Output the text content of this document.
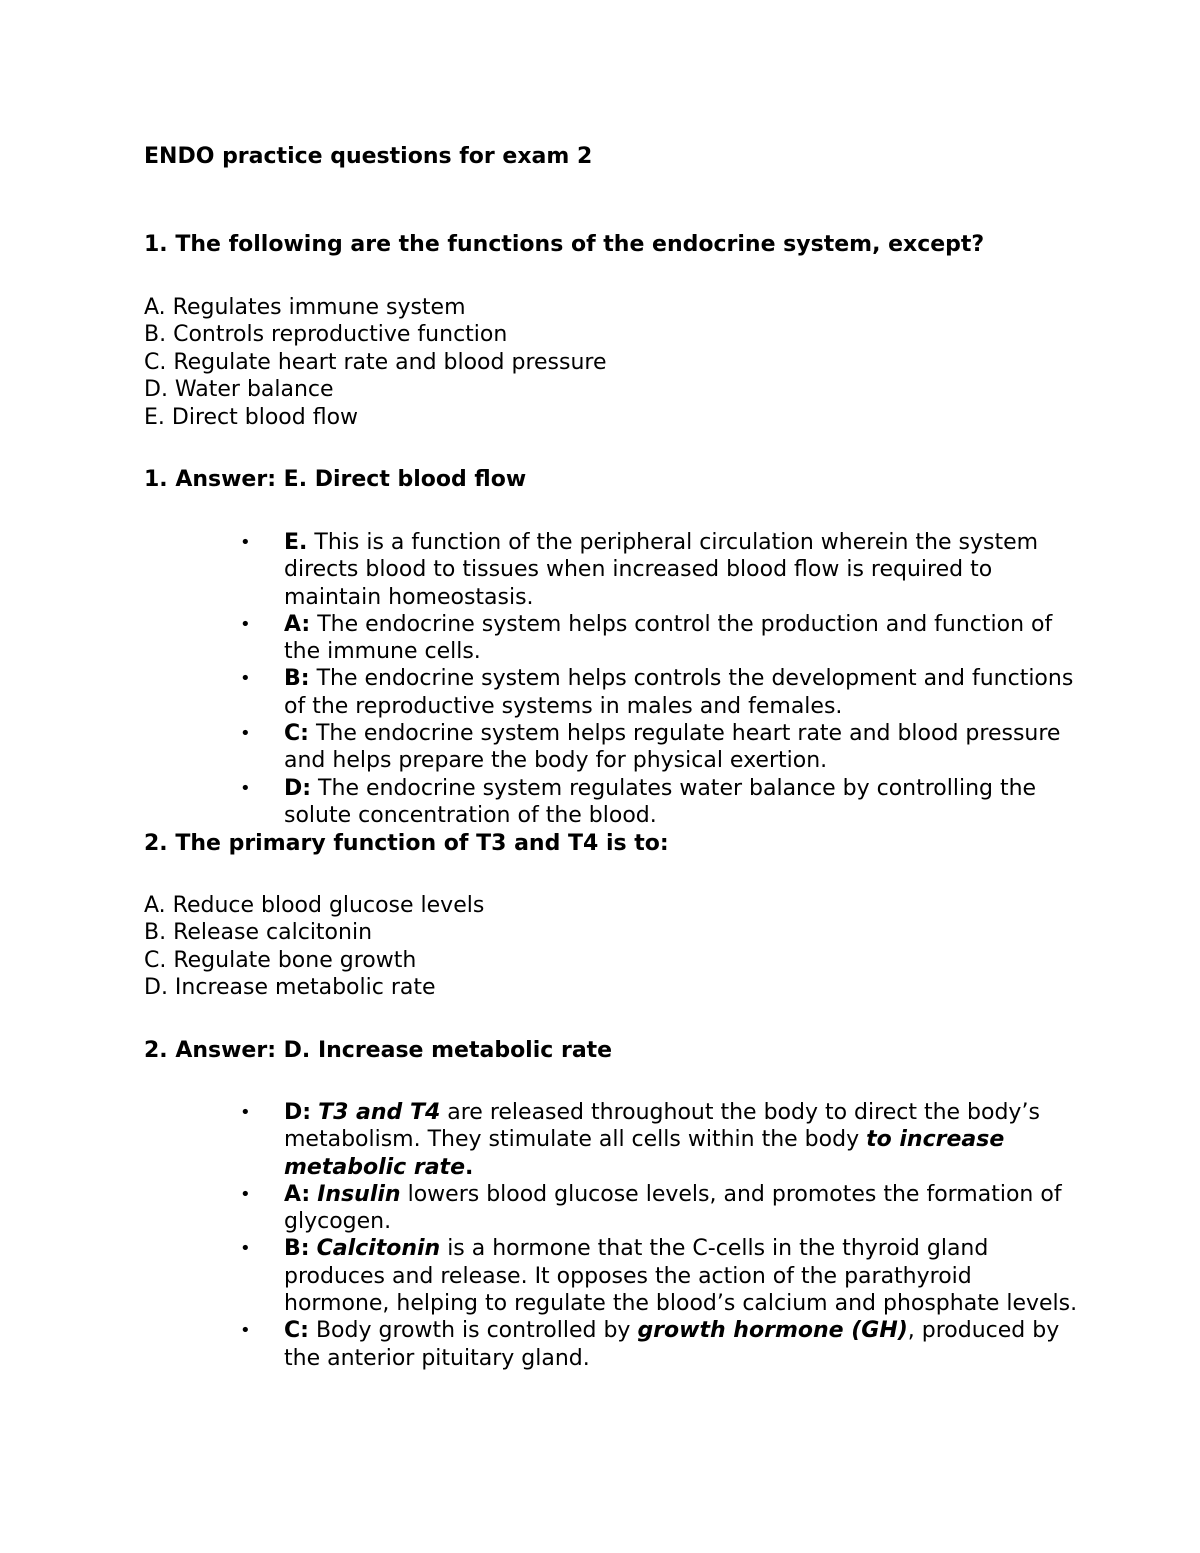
ENDO practice questions for exam 2
1. The following are the functions of the endocrine system, except?
A. Regulates immune system
B. Controls reproductive function
C. Regulate heart rate and blood pressure
D. Water balance
E. Direct blood flow
1. Answer: E. Direct blood flow
• E. This is a function of the peripheral circulation wherein the system directs blood to tissues when increased blood flow is required to maintain homeostasis.
• A: The endocrine system helps control the production and function of the immune cells.
• B: The endocrine system helps controls the development and functions of the reproductive systems in males and females.
• C: The endocrine system helps regulate heart rate and blood pressure and helps prepare the body for physical exertion.
• D: The endocrine system regulates water balance by controlling the solute concentration of the blood.
2. The primary function of T3 and T4 is to:
A. Reduce blood glucose levels
B. Release calcitonin
C. Regulate bone growth
D. Increase metabolic rate
2. Answer: D. Increase metabolic rate
• D: T3 and T4 are released throughout the body to direct the body’s metabolism. They stimulate all cells within the body to increase metabolic rate.
• A: Insulin lowers blood glucose levels, and promotes the formation of glycogen.
• B: Calcitonin is a hormone that the C-cells in the thyroid gland produces and release. It opposes the action of the parathyroid hormone, helping to regulate the blood’s calcium and phosphate levels.
• C: Body growth is controlled by growth hormone (GH), produced by the anterior pituitary gland.
